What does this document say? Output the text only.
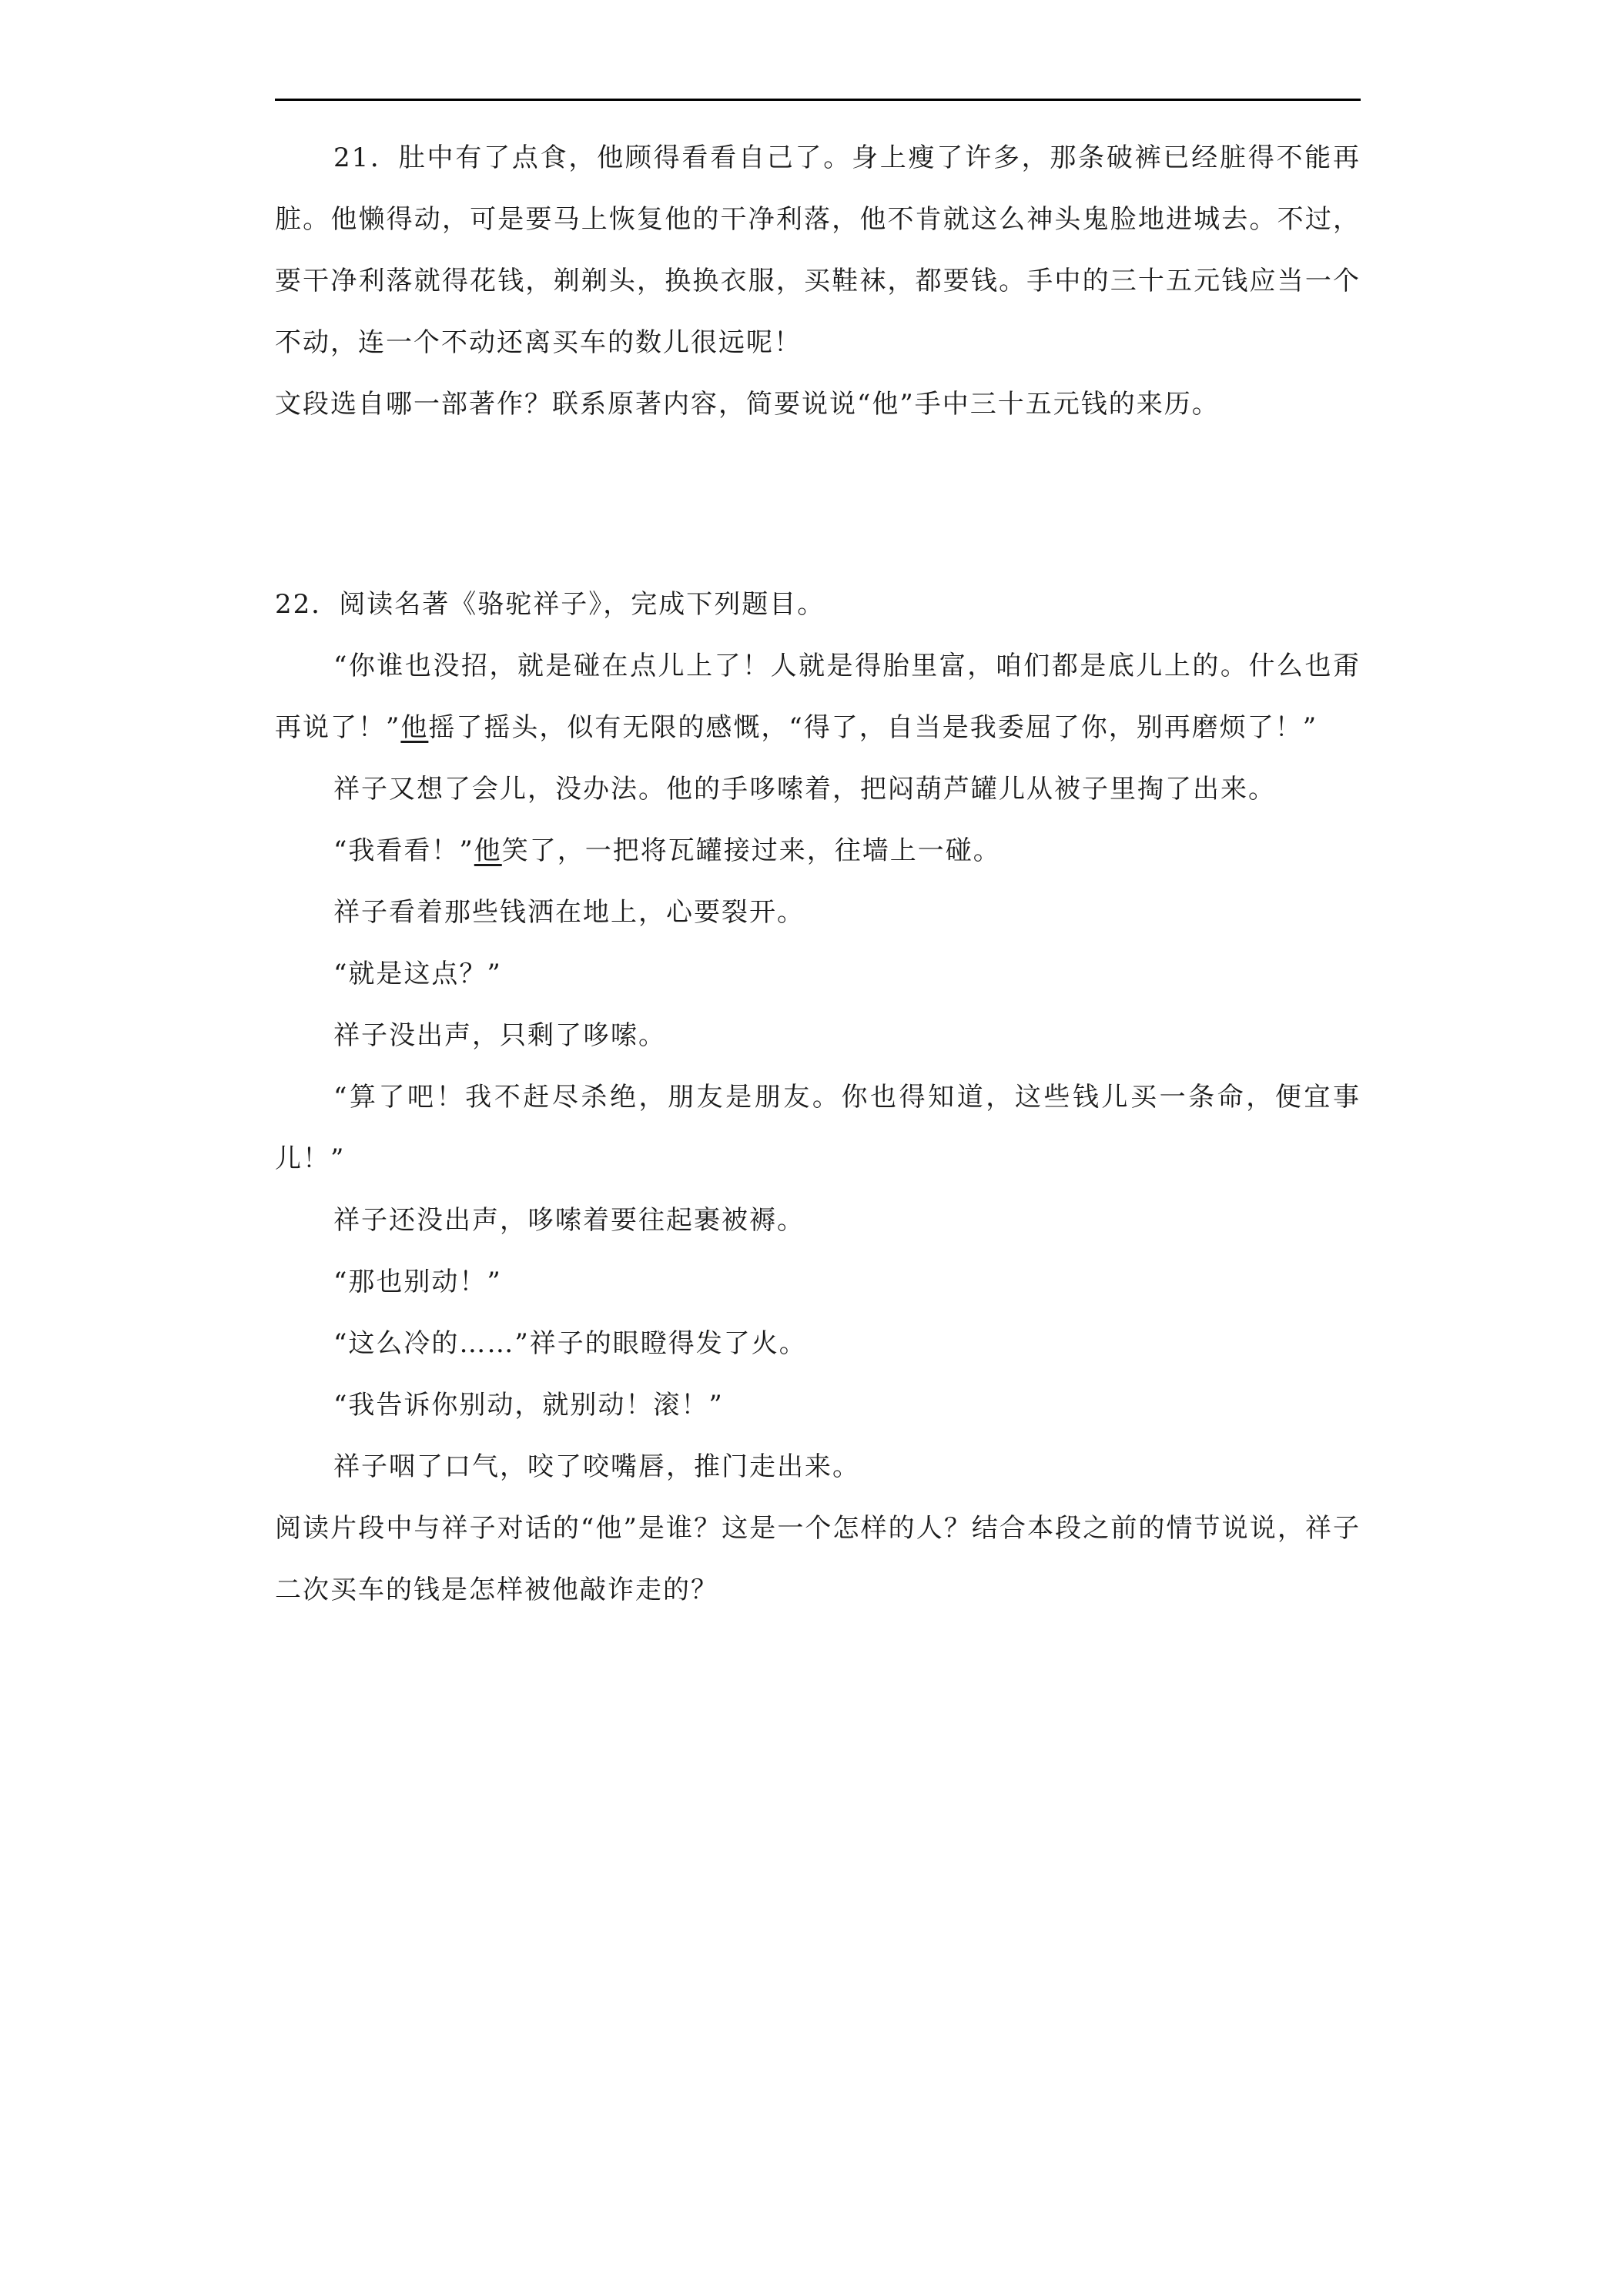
21．肚中有了点食，他顾得看看自己了。身上瘦了许多，那条破裤已经脏得不能再脏。他懒得动，可是要马上恢复他的干净利落，他不肯就这么神头鬼脸地进城去。不过，要干净利落就得花钱，剃剃头，换换衣服，买鞋袜，都要钱。手中的三十五元钱应当一个不动，连一个不动还离买车的数儿很远呢！

文段选自哪一部著作？联系原著内容，简要说说“他”手中三十五元钱的来历。

22．阅读名著《骆驼祥子》，完成下列题目。

“你谁也没招，就是碰在点儿上了！人就是得胎里富，咱们都是底儿上的。什么也甭再说了！”他摇了摇头，似有无限的感慨，“得了，自当是我委屈了你，别再磨烦了！”

祥子又想了会儿，没办法。他的手哆嗦着，把闷葫芦罐儿从被子里掏了出来。

“我看看！”他笑了，一把将瓦罐接过来，往墙上一碰。

祥子看着那些钱洒在地上，心要裂开。

“就是这点？”

祥子没出声，只剩了哆嗦。

“算了吧！我不赶尽杀绝，朋友是朋友。你也得知道，这些钱儿买一条命，便宜事儿！”

祥子还没出声，哆嗦着要往起裹被褥。

“那也别动！”

“这么冷的……”祥子的眼瞪得发了火。

“我告诉你别动，就别动！滚！”

祥子咽了口气，咬了咬嘴唇，推门走出来。

阅读片段中与祥子对话的“他”是谁？这是一个怎样的人？结合本段之前的情节说说，祥子二次买车的钱是怎样被他敲诈走的？
